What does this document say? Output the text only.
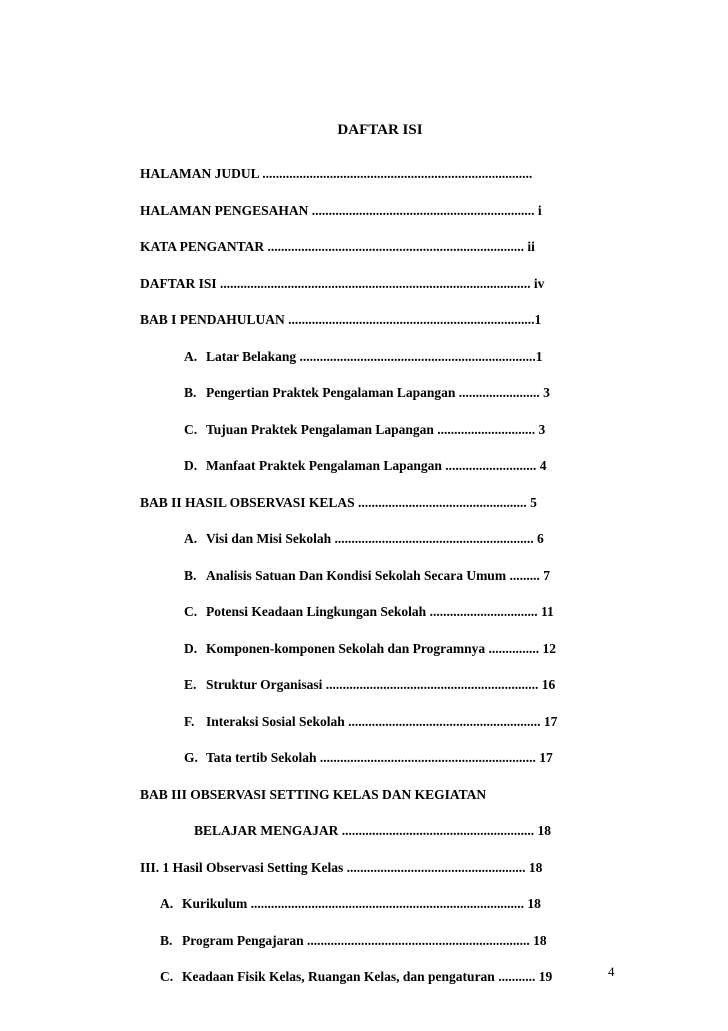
DAFTAR ISI
HALAMAN JUDUL ................................................................................
HALAMAN PENGESAHAN .................................................................. i
KATA PENGANTAR ............................................................................ ii
DAFTAR ISI ............................................................................................ iv
BAB I PENDAHULUAN .........................................................................1
A. Latar Belakang ......................................................................1
B. Pengertian Praktek Pengalaman Lapangan ........................ 3
C. Tujuan Praktek Pengalaman Lapangan ............................. 3
D. Manfaat Praktek Pengalaman Lapangan ........................... 4
BAB II HASIL OBSERVASI KELAS .................................................. 5
A. Visi dan Misi Sekolah ........................................................... 6
B. Analisis Satuan Dan Kondisi Sekolah Secara Umum ......... 7
C. Potensi Keadaan Lingkungan Sekolah ................................ 11
D. Komponen-komponen Sekolah dan Programnya ............... 12
E. Struktur Organisasi ............................................................... 16
F. Interaksi Sosial Sekolah ......................................................... 17
G. Tata tertib Sekolah ................................................................ 17
BAB III OBSERVASI SETTING KELAS DAN KEGIATAN
BELAJAR MENGAJAR ......................................................... 18
III. 1 Hasil Observasi Setting Kelas ..................................................... 18
A. Kurikulum ................................................................................. 18
B. Program Pengajaran .................................................................. 18
C. Keadaan Fisik Kelas, Ruangan Kelas, dan pengaturan ........... 19	4
